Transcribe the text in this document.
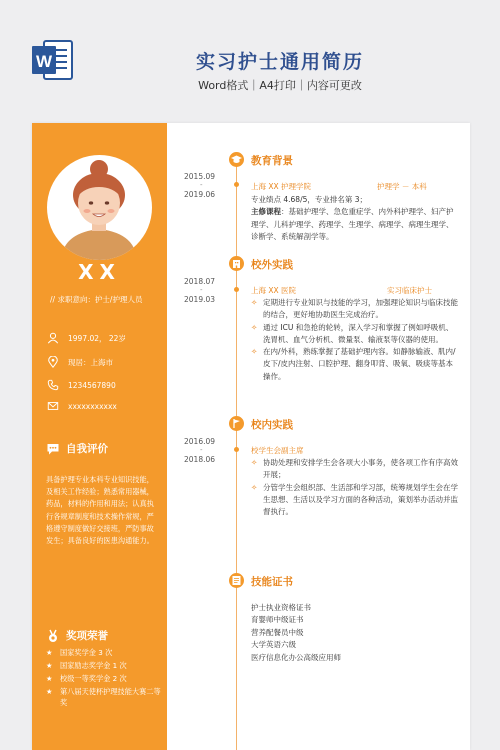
W	实习护士通用简历
Word格式｜A4打印｜内容可更改
XX
// 求职意向：护士/护理人员
1997.02， 22岁
现居：上海市
1234567890
xxxxxxxxxxx
自我评价
具备护理专业本科专业知识技能，及相关工作经验；熟悉常用器械，药品，材料的作用和用法；认真执行各规章制度和技术操作常规，严格遵守制度做好交接班，严防事故发生；具备良好的医患沟通能力。
奖项荣誉
★	国家奖学金 3 次
★	国家励志奖学金 1 次
★	校级一等奖学金 2 次
★	第八届天使杯护理技能大赛二等奖
教育背景
2015.09
-
2019.06
上海 XX 护理学院	护理学 － 本科
专业绩点 4.68/5，专业排名第 3；
主修课程：基础护理学、急危重症学、内外科护理学、妇产护理学、儿科护理学、药理学、生理学、病理学、病理生理学、诊断学、系统解剖学等。
校外实践
2018.07
-
2019.03
上海 XX 医院	实习临床护士
✧ 定期进行专业知识与技能的学习，加强理论知识与临床技能的结合，更好地协助医生完成治疗。
✧ 通过 ICU 和急抢的轮转，深入学习和掌握了例如呼吸机、洗胃机、血气分析机、微量泵、输液泵等仪器的使用。
✧ 在内/外科，熟练掌握了基础护理内容。如静脉输液、肌内/皮下/皮内注射、口腔护理、翻身叩背、吸氧、吸痰等基本操作。
校内实践
2016.09
-
2018.06
校学生会副主席
✧ 协助处理和安排学生会各项大小事务，使各项工作有序高效开展；
✧ 分管学生会组织部、生活部和学习部，统筹规划学生会在学生思想、生活以及学习方面的各种活动，策划举办活动并监督执行。
技能证书
护士执业资格证书
育婴师中级证书
营养配餐员中级
大学英语六级
医疗信息化办公高级应用师
